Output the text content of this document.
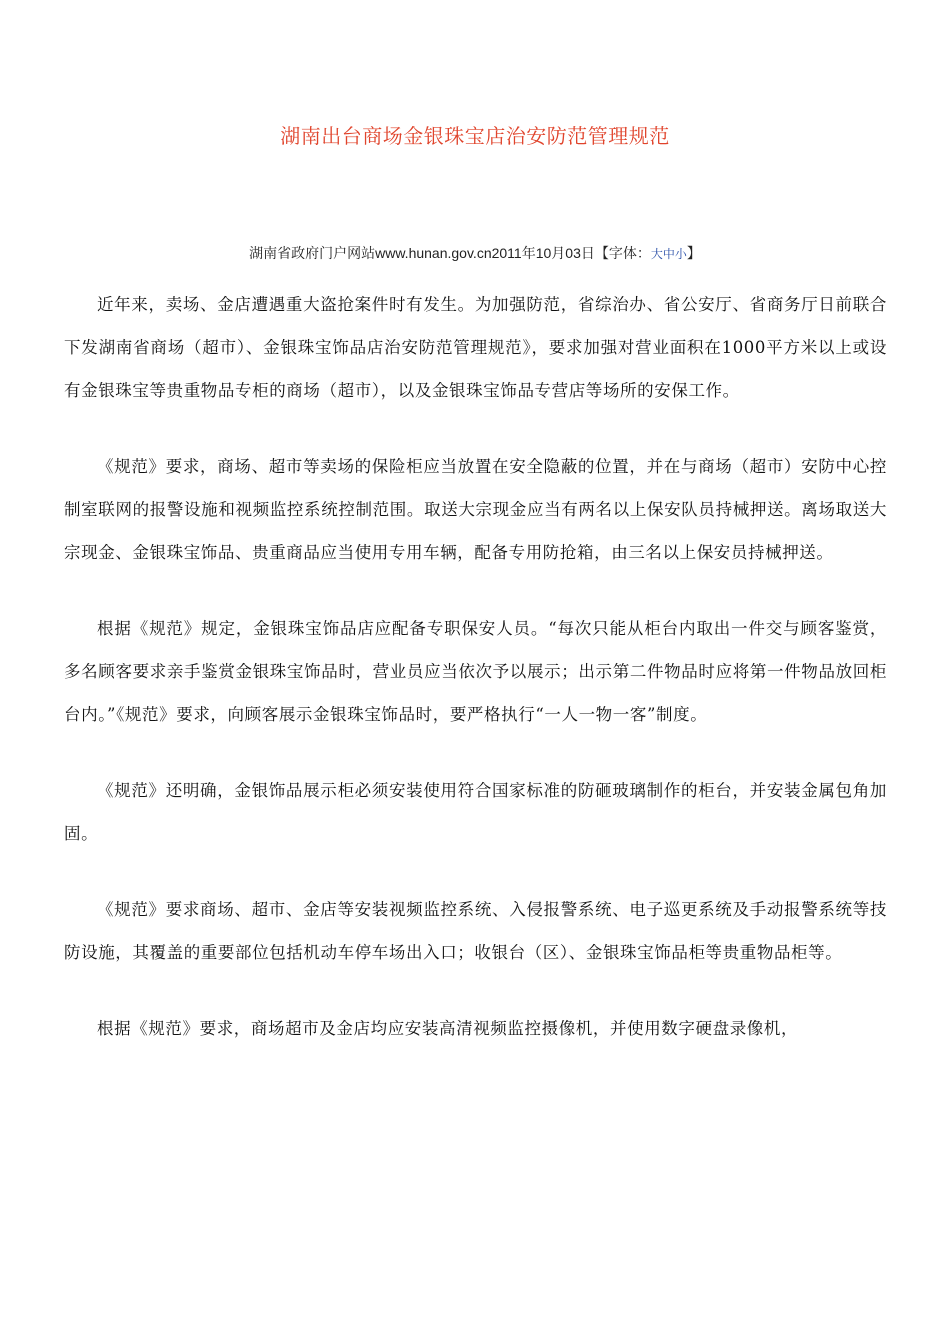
湖南出台商场金银珠宝店治安防范管理规范
湖南省政府门户网站www.hunan.gov.cn2011年10月03日【字体：大中小】

近年来，卖场、金店遭遇重大盗抢案件时有发生。为加强防范，省综治办、省公安厅、省商务厅日前联合下发湖南省商场（超市）、金银珠宝饰品店治安防范管理规范》，要求加强对营业面积在1000平方米以上或设有金银珠宝等贵重物品专柜的商场（超市），以及金银珠宝饰品专营店等场所的安保工作。

《规范》要求，商场、超市等卖场的保险柜应当放置在安全隐蔽的位置，并在与商场（超市）安防中心控制室联网的报警设施和视频监控系统控制范围。取送大宗现金应当有两名以上保安队员持械押送。离场取送大宗现金、金银珠宝饰品、贵重商品应当使用专用车辆，配备专用防抢箱，由三名以上保安员持械押送。

根据《规范》规定，金银珠宝饰品店应配备专职保安人员。“每次只能从柜台内取出一件交与顾客鉴赏，多名顾客要求亲手鉴赏金银珠宝饰品时，营业员应当依次予以展示；出示第二件物品时应将第一件物品放回柜台内。”《规范》要求，向顾客展示金银珠宝饰品时，要严格执行“一人一物一客”制度。

《规范》还明确，金银饰品展示柜必须安装使用符合国家标准的防砸玻璃制作的柜台，并安装金属包角加固。

《规范》要求商场、超市、金店等安装视频监控系统、入侵报警系统、电子巡更系统及手动报警系统等技防设施，其覆盖的重要部位包括机动车停车场出入口；收银台（区）、金银珠宝饰品柜等贵重物品柜等。

根据《规范》要求，商场超市及金店均应安装高清视频监控摄像机，并使用数字硬盘录像机，
